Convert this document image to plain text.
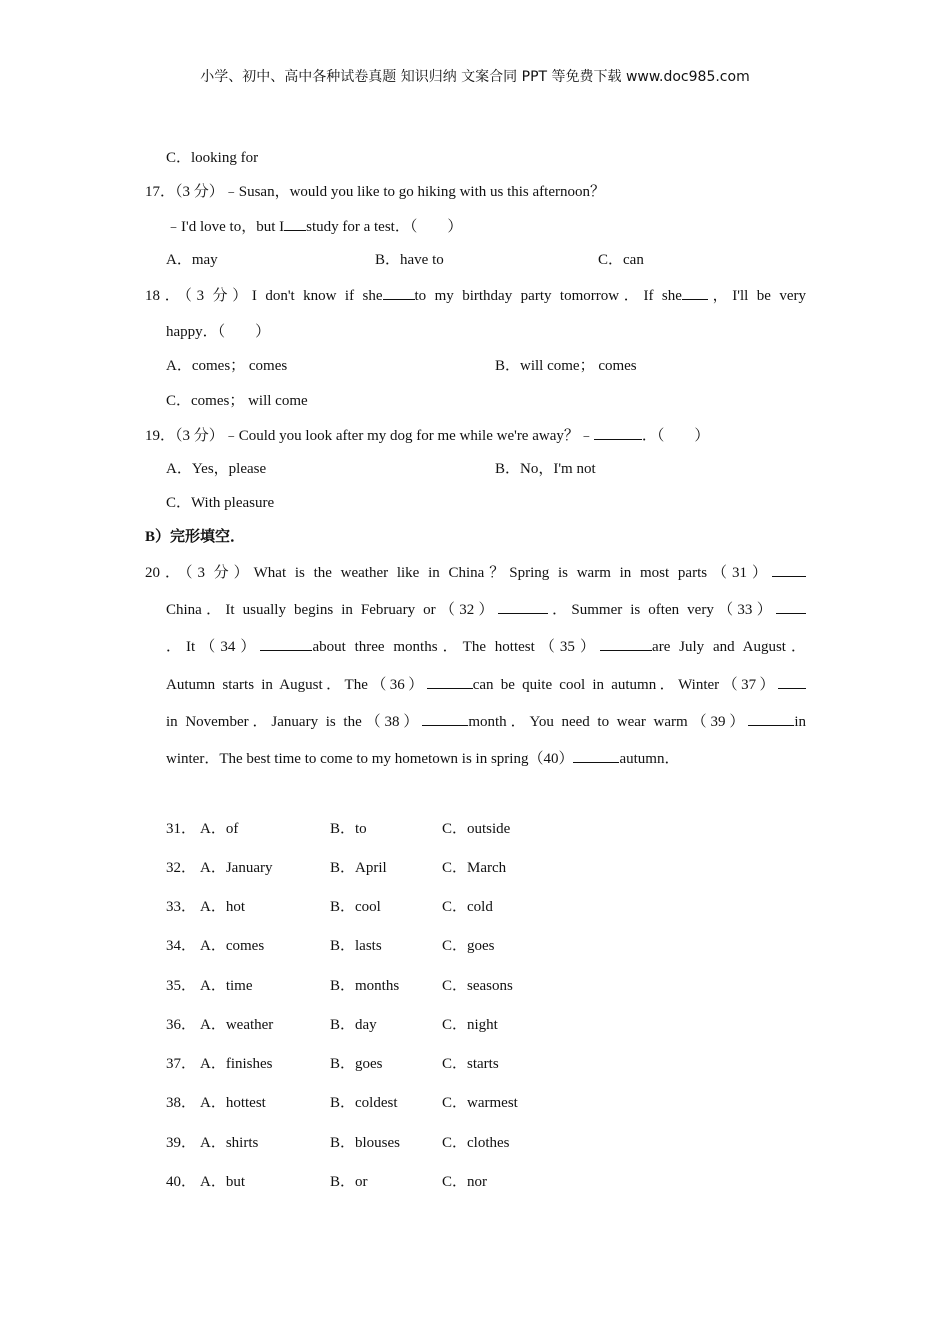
小学、初中、高中各种试卷真题 知识归纳 文案合同 PPT 等免费下载 www.doc985.com
C．looking for
17．（3 分）﹣Susan，would you like to go hiking with us this afternoon？
﹣I'd love to，but I study for a test．（　　）
A．may	B．have to	C．can
18．（3 分）I don't know if she to my birthday party tomorrow．If she ，I'll be very
happy．（　　）
A．comes； comes	B．will come； comes
C．comes； will come
19．（3 分）﹣Could you look after my dog for me while we're away？﹣	．（　　）
A．Yes，please	B．No，I'm not
C．With pleasure
B）完形填空．
20．（3 分）What is the weather like in China？Spring is warm in most parts（31）
China．It usually begins in February or（32）	．Summer is often very（33）
．It（34）	about three months．The hottest（35）	are July and August．
Autumn starts in August．The（36）	can be quite cool in autumn．Winter（37）
in November．January is the（38）	month．You need to wear warm（39）	in
winter．The best time to come to my hometown is in spring（40）	autumn．
31． A．of	B．to	C．outside
32． A．January	B．April	C．March
33． A．hot	B．cool	C．cold
34． A．comes	B．lasts	C．goes
35． A．time	B．months	C．seasons
36． A．weather	B．day	C．night
37． A．finishes	B．goes	C．starts
38． A．hottest	B．coldest	C．warmest
39． A．shirts	B．blouses	C．clothes
40． A．but	B．or	C．nor
